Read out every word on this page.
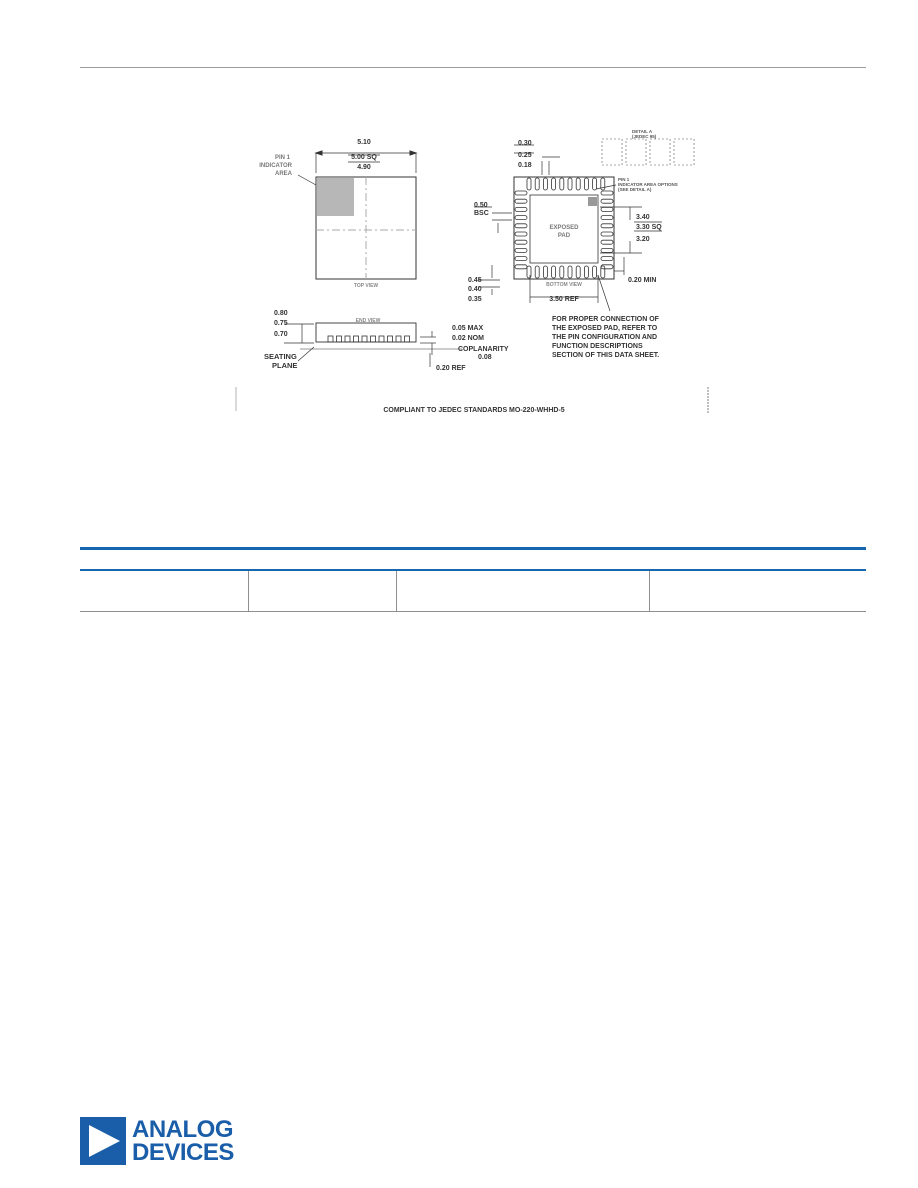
PIN 1
INDICATOR
AREA
5.10
5.00 SQ
4.90
TOP VIEW
0.30
0.25
0.18
0.50
BSC
EXPOSED
PAD
3.40
3.30 SQ
3.20
0.20 MIN
0.45
0.40
0.35
BOTTOM VIEW
3.50 REF
DETAIL A
(JEDEC 95)
PIN 1
INDICATOR AREA OPTIONS
(SEE DETAIL A)
FOR PROPER CONNECTION OF
THE EXPOSED PAD, REFER TO
THE PIN CONFIGURATION AND
FUNCTION DESCRIPTIONS
SECTION OF THIS DATA SHEET.
0.80
0.75
0.70
END VIEW
0.05 MAX
0.02 NOM
COPLANARITY
0.08
SEATING
PLANE	0.20 REF
COMPLIANT TO JEDEC STANDARDS MO-220-WHHD-5

ANALOG
DEVICES
